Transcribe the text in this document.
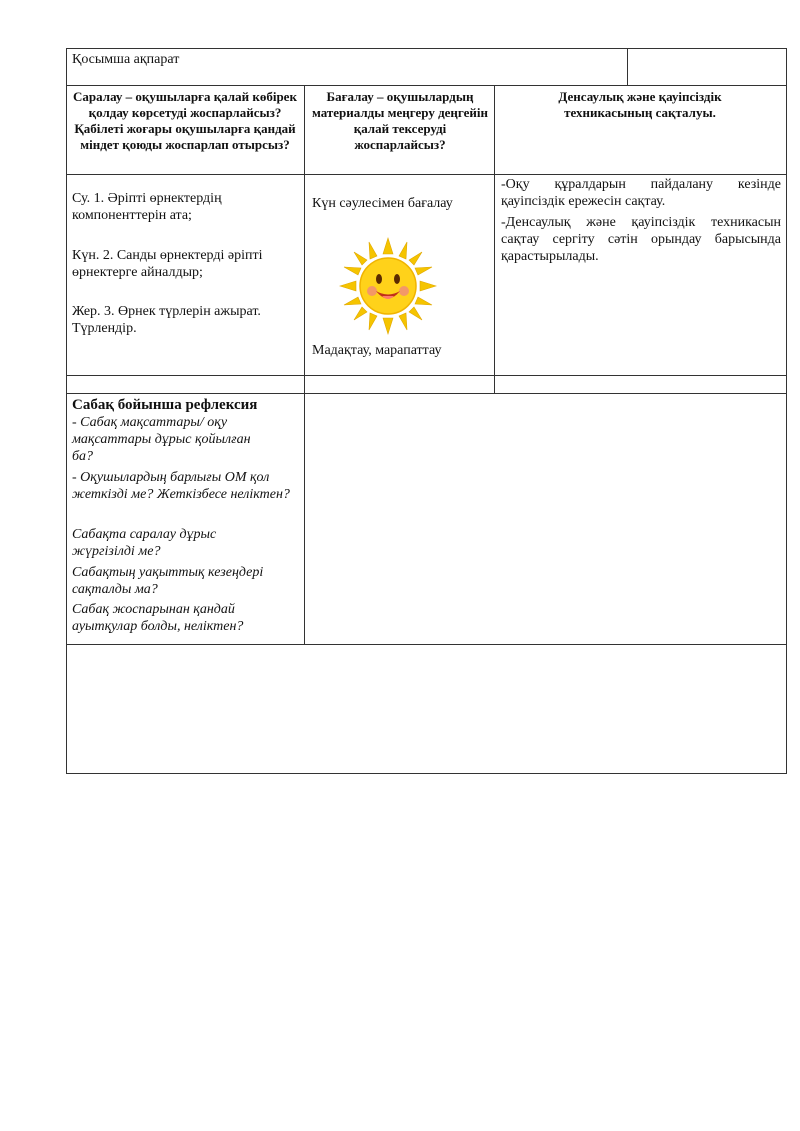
Қосымша ақпарат
Саралау – оқушыларға қалай көбірек қолдау көрсетуді жоспарлайсыз? Қабілеті жоғары оқушыларға қандай міндет қоюды жоспарлап отырсыз?
Бағалау – оқушылардың материалды меңгеру деңгейін қалай тексеруді жоспарлайсыз?
Денсаулық және қауіпсіздік техникасының сақталуы.
Су. 1. Әріпті өрнектердің компоненттерін ата;
Күн. 2. Санды өрнектерді әріпті өрнектерге айналдыр;
Жер. 3. Өрнек түрлерін ажырат. Түрлендір.
Күн сәулесімен бағалау
Мадақтау, марапаттау
-Оқу құралдарын пайдалану кезінде қауіпсіздік ережесін сақтау.
-Денсаулық және қауіпсіздік техникасын сақтау сергіту сәтін орындау барысында қарастырылады.
Сабақ бойынша рефлексия
- Сабақ мақсаттары/ оқу мақсаттары дұрыс қойылған ба?
- Оқушылардың барлығы ОМ қол жеткізді ме? Жеткізбесе неліктен?
Сабақта саралау дұрыс жүргізілді ме?
Сабақтың уақыттық кезеңдері сақталды ма?
Сабақ жоспарынан қандай ауытқулар болды, неліктен?
